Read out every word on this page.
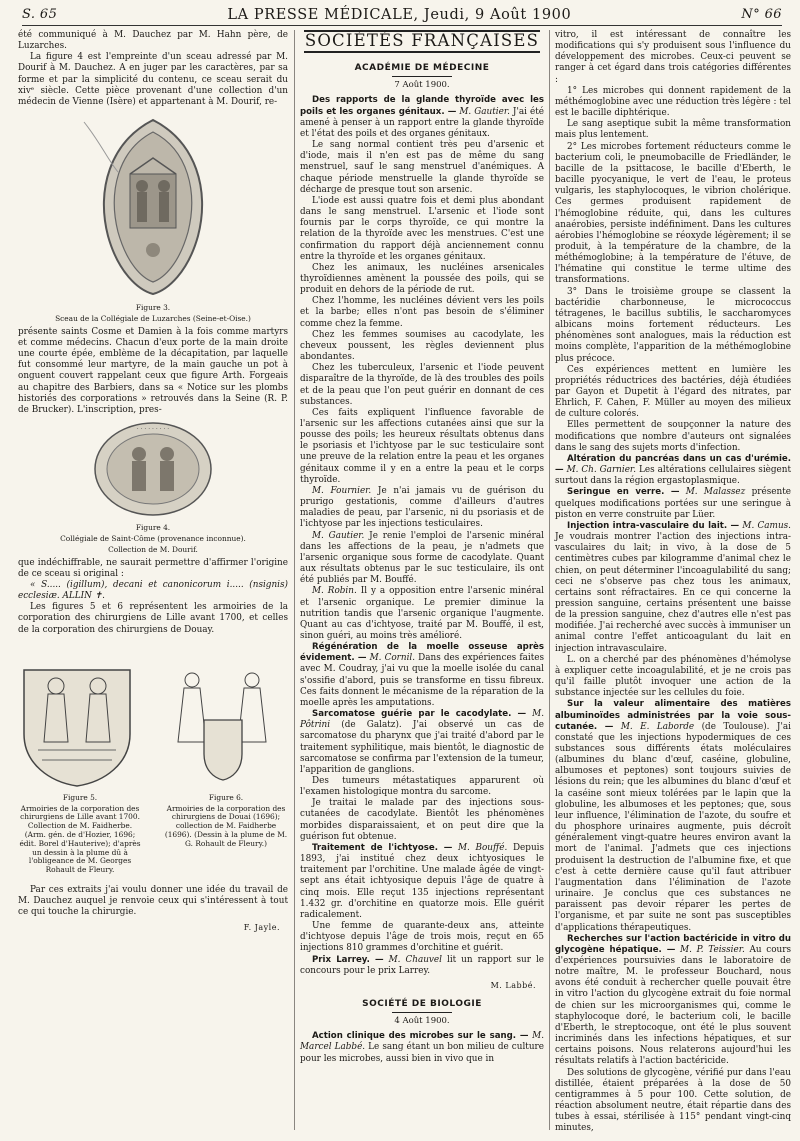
S. 65	LA PRESSE MÉDICALE, Jeudi, 9 Août 1900	N° 66

été communiqué à M. Dauchez par M. Hahn père, de Luzarches.

La figure 4 est l'empreinte d'un sceau adressé par M. Dourif à M. Dauchez. A en juger par les caractères, par sa forme et par la simplicité du contenu, ce sceau serait du xivᵉ siècle. Cette pièce provenant d'une collection d'un médecin de Vienne (Isère) et appartenant à M. Dourif, re-

Figure 3.
Sceau de la Collégiale de Luzarches (Seine-et-Oise.)

présente saints Cosme et Damien à la fois comme martyrs et comme médecins. Chacun d'eux porte de la main droite une courte épée, emblème de la décapitation, par laquelle fut consommé leur martyre, de la main gauche un pot à onguent couvert rappelant ceux que figure Arth. Forgeais au chapitre des Barbiers, dans sa « Notice sur les plombs historiés des corporations » retrouvés dans la Seine (R. P. de Brucker). L'inscription, pres-

· · · · · · · · ·
Figure 4.
Collégiale de Saint-Côme (provenance inconnue).
Collection de M. Dourif.

que indéchiffrable, ne saurait permettre d'affirmer l'origine de ce sceau si original :

« S..... (igillum), decani et canonicorum i..... (nsignis) ecclesiæ. ALLIN ✝.

Les figures 5 et 6 représentent les armoiries de la corporation des chirurgiens de Lille avant 1700, et celles de la corporation des chirurgiens de Douay.

Figure 5.
Armoiries de la corporation des chirurgiens de Lille avant 1700. Collection de M. Faidherbe. (Arm. gén. de d'Hozier, 1696; édit. Borel d'Hauterive); d'après un dessin à la plume dû à l'obligeance de M. Georges Rohault de Fleury.
Figure 6.
Armoiries de la corporation des chirurgiens de Douai (1696); collection de M. Faidherbe (1696). (Dessin à la plume de M. G. Rohault de Fleury.)

Par ces extraits j'ai voulu donner une idée du travail de M. Dauchez auquel je renvoie ceux qui s'intéressent à tout ce qui touche la chirurgie.

F. Jayle.
SOCIÉTÉS FRANÇAISES
ACADÉMIE DE MÉDECINE
7 Août 1900.

Des rapports de la glande thyroïde avec les poils et les organes génitaux. — M. Gautier. J'ai été amené à penser à un rapport entre la glande thyroïde et l'état des poils et des organes génitaux.

Le sang normal contient très peu d'arsenic et d'iode, mais il n'en est pas de même du sang menstruel, sauf le sang menstruel d'anémiques. A chaque période menstruelle la glande thyroïde se décharge de presque tout son arsenic.

L'iode est aussi quatre fois et demi plus abondant dans le sang menstruel. L'arsenic et l'iode sont fournis par le corps thyroïde, ce qui montre la relation de la thyroïde avec les menstrues. C'est une confirmation du rapport déjà anciennement connu entre la thyroïde et les organes génitaux.

Chez les animaux, les nucléines arsenicales thyroïdiennes amènent la poussée des poils, qui se produit en dehors de la période de rut.

Chez l'homme, les nucléines dévient vers les poils et la barbe; elles n'ont pas besoin de s'éliminer comme chez la femme.

Chez les femmes soumises au cacodylate, les cheveux poussent, les règles deviennent plus abondantes.

Chez les tuberculeux, l'arsenic et l'iode peuvent disparaître de la thyroïde, de là des troubles des poils et de la peau que l'on peut guérir en donnant de ces substances.

Ces faits expliquent l'influence favorable de l'arsenic sur les affections cutanées ainsi que sur la pousse des poils; les heureux résultats obtenus dans le psoriasis et l'ichtyose par le suc testiculaire sont une preuve de la relation entre la peau et les organes génitaux comme il y en a entre la peau et le corps thyroïde.

M. Fournier. Je n'ai jamais vu de guérison du prurigo gestationis, comme d'ailleurs d'autres maladies de peau, par l'arsenic, ni du psoriasis et de l'ichtyose par les injections testiculaires.

M. Gautier. Je renie l'emploi de l'arsenic minéral dans les affections de la peau, je n'admets que l'arsenic organique sous forme de cacodylate. Quant aux résultats obtenus par le suc testiculaire, ils ont été publiés par M. Bouffé.

M. Robin. Il y a opposition entre l'arsenic minéral et l'arsenic organique. Le premier diminue la nutrition tandis que l'arsenic organique l'augmente. Quant au cas d'ichtyose, traité par M. Bouffé, il est, sinon guéri, au moins très amélioré.

Régénération de la moelle osseuse après évidement. — M. Cornil. Dans des expériences faites avec M. Coudray, j'ai vu que la moelle isolée du canal s'ossifie d'abord, puis se transforme en tissu fibreux. Ces faits donnent le mécanisme de la réparation de la moelle après les amputations.

Sarcomatose guérie par le cacodylate. — M. Pôtrini (de Galatz). J'ai observé un cas de sarcomatose du pharynx que j'ai traité d'abord par le traitement syphilitique, mais bientôt, le diagnostic de sarcomatose se confirma par l'extension de la tumeur, l'apparition de ganglions.

Des tumeurs métastatiques apparurent où l'examen histologique montra du sarcome.

Je traitai le malade par des injections sous-cutanées de cacodylate. Bientôt les phénomènes morbides disparaissaient, et on peut dire que la guérison fut obtenue.

Traitement de l'ichtyose. — M. Bouffé. Depuis 1893, j'ai institué chez deux ichtyosiques le traitement par l'orchitine. Une malade âgée de vingt-sept ans était ichtyosique depuis l'âge de quatre à cinq mois. Elle reçut 135 injections représentant 1.432 gr. d'orchitine en quatorze mois. Elle guérit radicalement.

Une femme de quarante-deux ans, atteinte d'ichtyose depuis l'âge de trois mois, reçut en 65 injections 810 grammes d'orchitine et guérit.

Prix Larrey. — M. Chauvel lit un rapport sur le concours pour le prix Larrey.

M. Labbé.
SOCIÉTÉ DE BIOLOGIE
4 Août 1900.

Action clinique des microbes sur le sang. — M. Marcel Labbé. Le sang étant un bon milieu de culture pour les microbes, aussi bien in vivo que in

vitro, il est intéressant de connaître les modifications qui s'y produisent sous l'influence du développement des microbes. Ceux-ci peuvent se ranger à cet égard dans trois catégories différentes :

1° Les microbes qui donnent rapidement de la méthémoglobine avec une réduction très légère : tel est le bacille diphtérique.

Le sang aseptique subit la même transformation mais plus lentement.

2° Les microbes fortement réducteurs comme le bacterium coli, le pneumobacille de Friedländer, le bacille de la psittacose, le bacille d'Eberth, le bacille pyocyanique, le vert de l'eau, le proteus vulgaris, les staphylocoques, le vibrion cholérique. Ces germes produisent rapidement de l'hémoglobine réduite, qui, dans les cultures anaérobies, persiste indéfiniment. Dans les cultures aérobies l'hémoglobine se réoxyde légèrement; il se produit, à la température de la chambre, de la méthémoglobine; à la température de l'étuve, de l'hématine qui constitue le terme ultime des transformations.

3° Dans le troisième groupe se classent la bactéridie charbonneuse, le micrococcus tétragenes, le bacillus subtilis, le saccharomyces albicans moins fortement réducteurs. Les phénomènes sont analogues, mais la réduction est moins complète, l'apparition de la méthémoglobine plus précoce.

Ces expériences mettent en lumière les propriétés réductrices des bactéries, déjà étudiées par Gayon et Dupetit à l'égard des nitrates, par Ehrlich, F. Cahen, F. Müller au moyen des milieux de culture colorés.

Elles permettent de soupçonner la nature des modifications que nombre d'auteurs ont signalées dans le sang des sujets morts d'infection.

Altération du pancréas dans un cas d'urémie. — M. Ch. Garnier. Les altérations cellulaires siègent surtout dans la région ergastoplasmique.

Seringue en verre. — M. Malassez présente quelques modifications portées sur une seringue à piston en verre construite par Lüer.

Injection intra-vasculaire du lait. — M. Camus. Je voudrais montrer l'action des injections intra-vasculaires du lait; in vivo, à la dose de 5 centimètres cubes par kilogramme d'animal chez le chien, on peut déterminer l'incoagulabilité du sang; ceci ne s'observe pas chez tous les animaux, certains sont réfractaires. En ce qui concerne la pression sanguine, certains présentent une baisse de la pression sanguine, chez d'autres elle n'est pas modifiée. J'ai recherché avec succès à immuniser un animal contre l'effet anticoagulant du lait en injection intravasculaire.

L. on a cherché par des phénomènes d'hémolyse à expliquer cette incoagulabilité, et je ne crois pas qu'il faille plutôt invoquer une action de la substance injectée sur les cellules du foie.

Sur la valeur alimentaire des matières albuminoïdes administrées par la voie sous-cutanée. — M. E. Laborde (de Toulouse). J'ai constaté que les injections hypodermiques de ces substances sous différents états moléculaires (albumines du blanc d'œuf, caséine, globuline, albumoses et peptones) sont toujours suivies de lésions du rein; que les albumines du blanc d'œuf et la caséine sont mieux tolérées par le lapin que la globuline, les albumoses et les peptones; que, sous leur influence, l'élimination de l'azote, du soufre et du phosphore urinaires augmente, puis décroît généralement vingt-quatre heures environ avant la mort de l'animal. J'admets que ces injections produisent la destruction de l'albumine fixe, et que c'est à cette dernière cause qu'il faut attribuer l'augmentation dans l'élimination de l'azote urinaire. Je conclus que ces substances ne paraissent pas devoir réparer les pertes de l'organisme, et par suite ne sont pas susceptibles d'applications thérapeutiques.

Recherches sur l'action bactéricide in vitro du glycogène hépatique. — M. P. Teissier. Au cours d'expériences poursuivies dans le laboratoire de notre maître, M. le professeur Bouchard, nous avons été conduit à rechercher quelle pouvait être in vitro l'action du glycogène extrait du foie normal de chien sur les microorganismes qui, comme le staphylocoque doré, le bacterium coli, le bacille d'Eberth, le streptocoque, ont été le plus souvent incriminés dans les infections hépatiques, et sur certains poisons. Nous relaterons aujourd'hui les résultats relatifs à l'action bactéricide.

Des solutions de glycogène, vérifié pur dans l'eau distillée, étaient préparées à la dose de 50 centigrammes à 5 pour 100. Cette solution, de réaction absolument neutre, était répartie dans des tubes à essai, stérilisée à 115° pendant vingt-cinq minutes,
